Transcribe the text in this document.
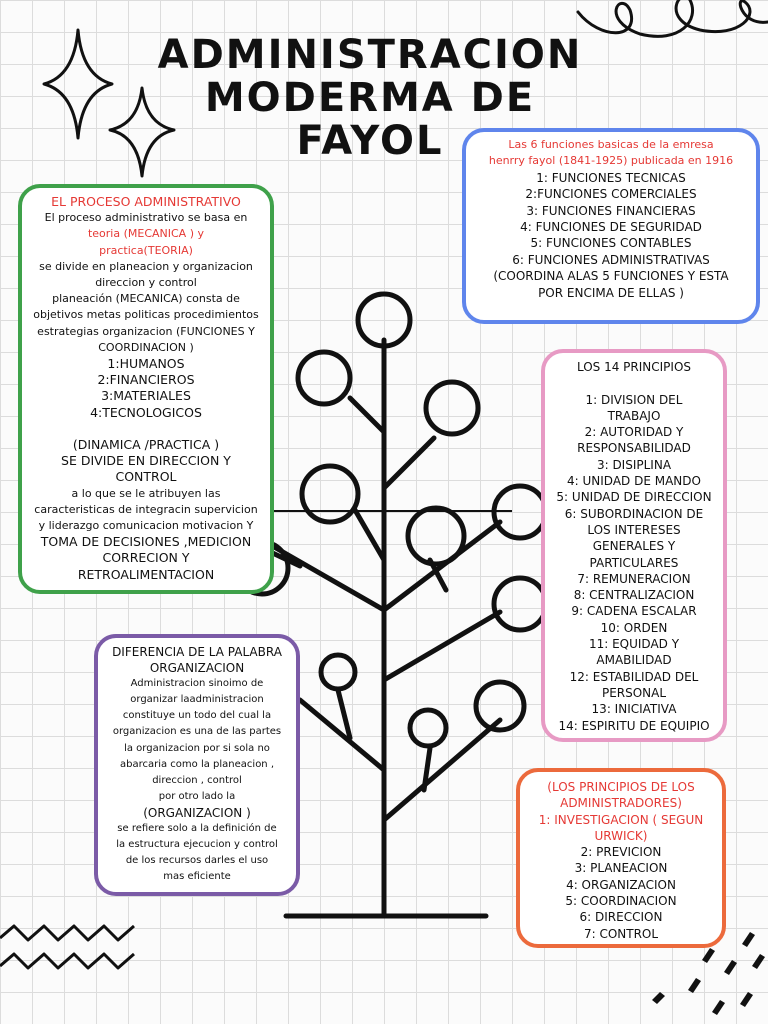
ADMINISTRACION
MODERMA DE
FAYOL
EL PROCESO ADMINISTRATIVO
El proceso administrativo se basa en
teoria (MECANICA ) y
practica(TEORIA)
se divide en planeacion y organizacion
direccion y control
planeación (MECANICA) consta de
objetivos metas politicas procedimientos
estrategias organizacion (FUNCIONES Y
COORDINACION )
1:HUMANOS
2:FINANCIEROS
3:MATERIALES
4:TECNOLOGICOS

(DINAMICA /PRACTICA )
SE DIVIDE EN DIRECCION Y
CONTROL
a lo que se le atribuyen las
caracteristicas de integracin supervicion
y liderazgo comunicacion motivacion Y
TOMA DE DECISIONES ,MEDICION
CORRECION Y
RETROALIMENTACION
Las 6 funciones basicas de la emresa
henrry fayol (1841-1925) publicada en 1916
1: FUNCIONES TECNICAS
2:FUNCIONES COMERCIALES
3: FUNCIONES FINANCIERAS
4: FUNCIONES DE SEGURIDAD
5: FUNCIONES CONTABLES
6: FUNCIONES ADMINISTRATIVAS
(COORDINA ALAS 5 FUNCIONES Y ESTA
POR ENCIMA DE ELLAS )
LOS 14 PRINCIPIOS

1: DIVISION DEL
TRABAJO
2: AUTORIDAD Y
RESPONSABILIDAD
3: DISIPLINA
4: UNIDAD DE MANDO
5: UNIDAD DE DIRECCION
6: SUBORDINACION DE
LOS INTERESES
GENERALES Y
PARTICULARES
7: REMUNERACION
8: CENTRALIZACION
9: CADENA ESCALAR
10: ORDEN
11: EQUIDAD Y
AMABILIDAD
12: ESTABILIDAD DEL
PERSONAL
13: INICIATIVA
14: ESPIRITU DE EQUIPIO
DIFERENCIA DE LA PALABRA
ORGANIZACION
Administracion sinoimo de
organizar laadministracion
constituye un todo del cual la
organizacion es una de las partes
la organizacion por si sola no
abarcaria como la planeacion ,
direccion , control
por otro lado la
(ORGANIZACION )
se refiere solo a la definición de
la estructura ejecucion y control
de los recursos darles el uso
mas eficiente
(LOS PRINCIPIOS DE LOS
ADMINISTRADORES)
1: INVESTIGACION ( SEGUN
URWICK)
2: PREVICION
3: PLANEACION
4: ORGANIZACION
5: COORDINACION
6: DIRECCION
7: CONTROL
